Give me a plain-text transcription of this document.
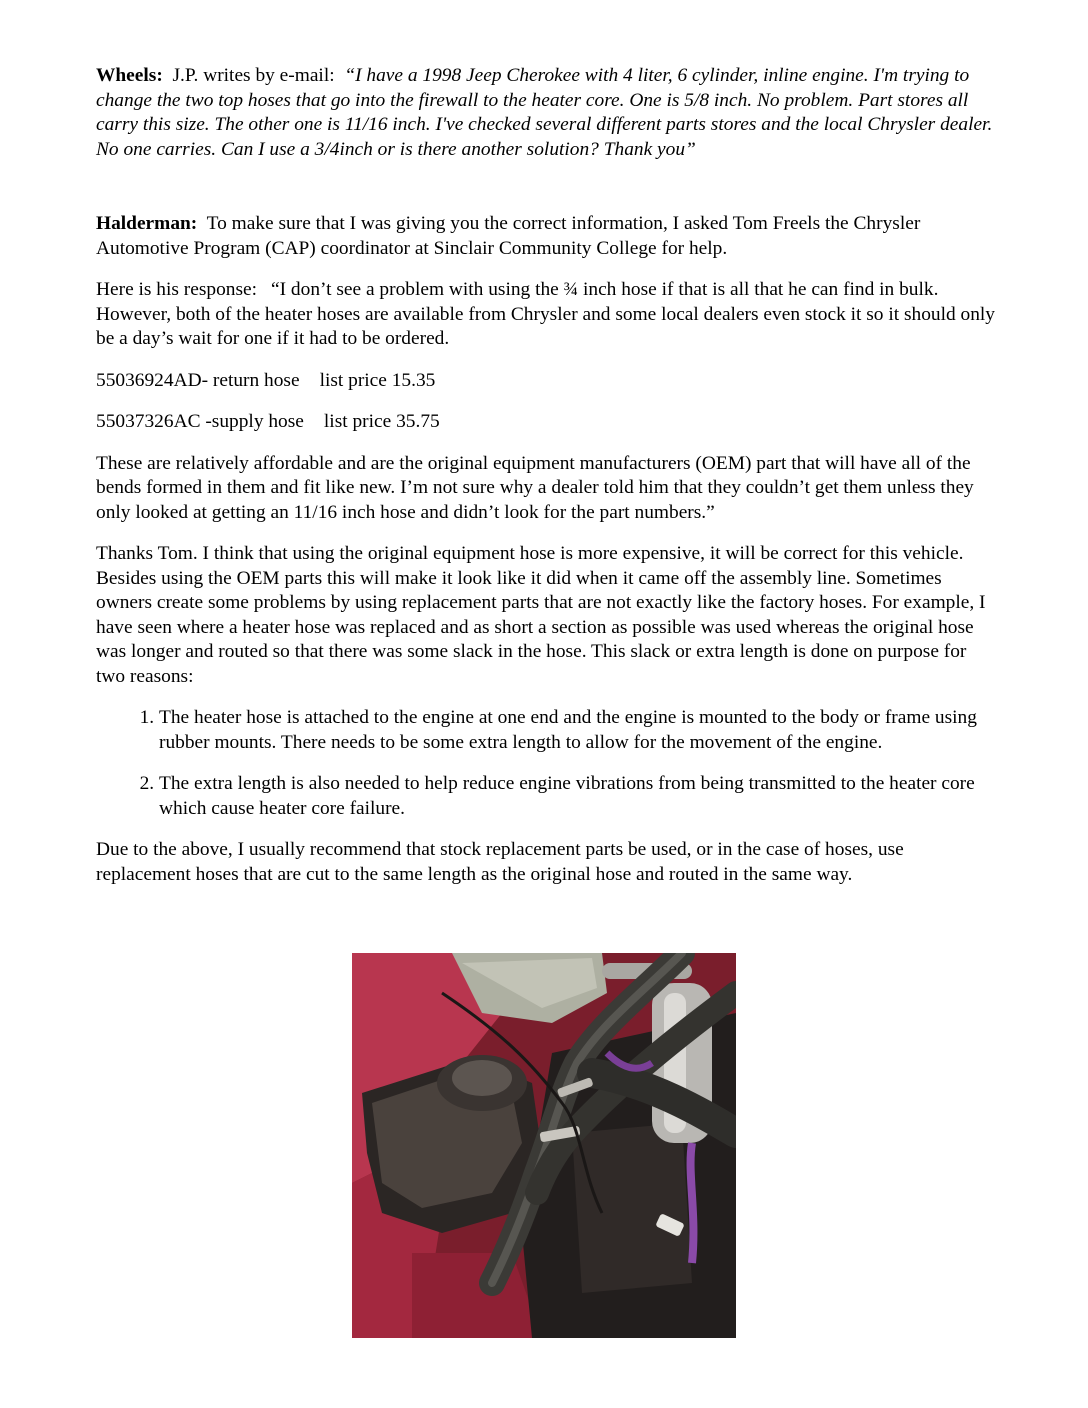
Wheels: J.P. writes by e-mail: “I have a 1998 Jeep Cherokee with 4 liter, 6 cylinder, inline engine. I'm trying to change the two top hoses that go into the firewall to the heater core. One is 5/8 inch. No problem. Part stores all carry this size. The other one is 11/16 inch. I've checked several different parts stores and the local Chrysler dealer. No one carries. Can I use a 3/4inch or is there another solution? Thank you”

Halderman: To make sure that I was giving you the correct information, I asked Tom Freels the Chrysler Automotive Program (CAP) coordinator at Sinclair Community College for help.

Here is his response: “I don’t see a problem with using the ¾ inch hose if that is all that he can find in bulk. However, both of the heater hoses are available from Chrysler and some local dealers even stock it so it should only be a day’s wait for one if it had to be ordered.

55036924AD- return hose list price 15.35

55037326AC -supply hose list price 35.75

These are relatively affordable and are the original equipment manufacturers (OEM) part that will have all of the bends formed in them and fit like new. I’m not sure why a dealer told him that they couldn’t get them unless they only looked at getting an 11/16 inch hose and didn’t look for the part numbers.”

Thanks Tom. I think that using the original equipment hose is more expensive, it will be correct for this vehicle. Besides using the OEM parts this will make it look like it did when it came off the assembly line. Sometimes owners create some problems by using replacement parts that are not exactly like the factory hoses. For example, I have seen where a heater hose was replaced and as short a section as possible was used whereas the original hose was longer and routed so that there was some slack in the hose. This slack or extra length is done on purpose for two reasons:

1. The heater hose is attached to the engine at one end and the engine is mounted to the body or frame using rubber mounts. There needs to be some extra length to allow for the movement of the engine.
2. The extra length is also needed to help reduce engine vibrations from being transmitted to the heater core which cause heater core failure.

Due to the above, I usually recommend that stock replacement parts be used, or in the case of hoses, use replacement hoses that are cut to the same length as the original hose and routed in the same way.
